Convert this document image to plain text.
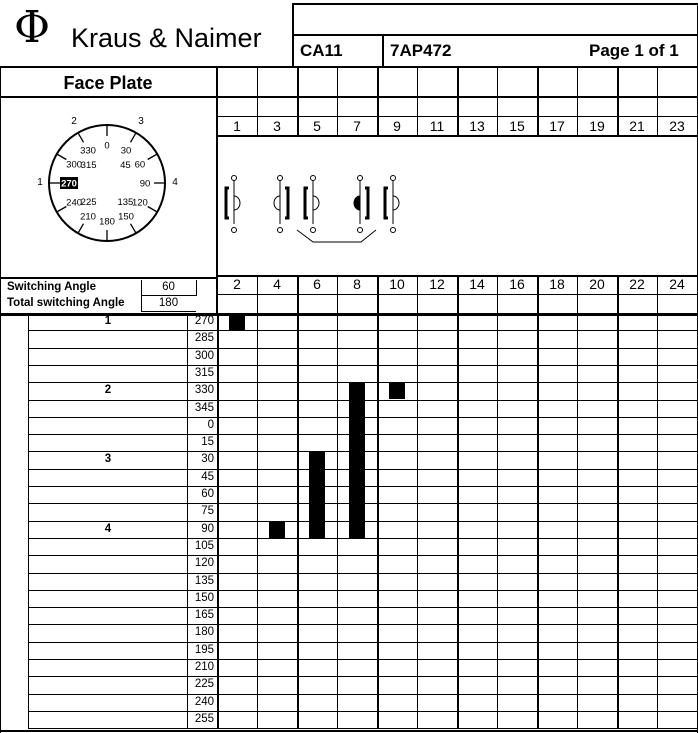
Φ Kraus & Naimer CA11	7AP472	Page 1 of 1
Face Plate
0 30
60
90
120
150
180
210
240
270
300
330
45
135
225
315
2	3
1	4
1	3	5	7	9	11	13	15	17	19	21	23
2	4	6	8	10	12	14	16	18	20	22	24
Switching Angle	60
Total switching Angle	180
1	270
285
300
315
2	330
345
0
15
3	30
45
60
75
4	90
105
120
135
150
165
180
195
210
225
240
255
